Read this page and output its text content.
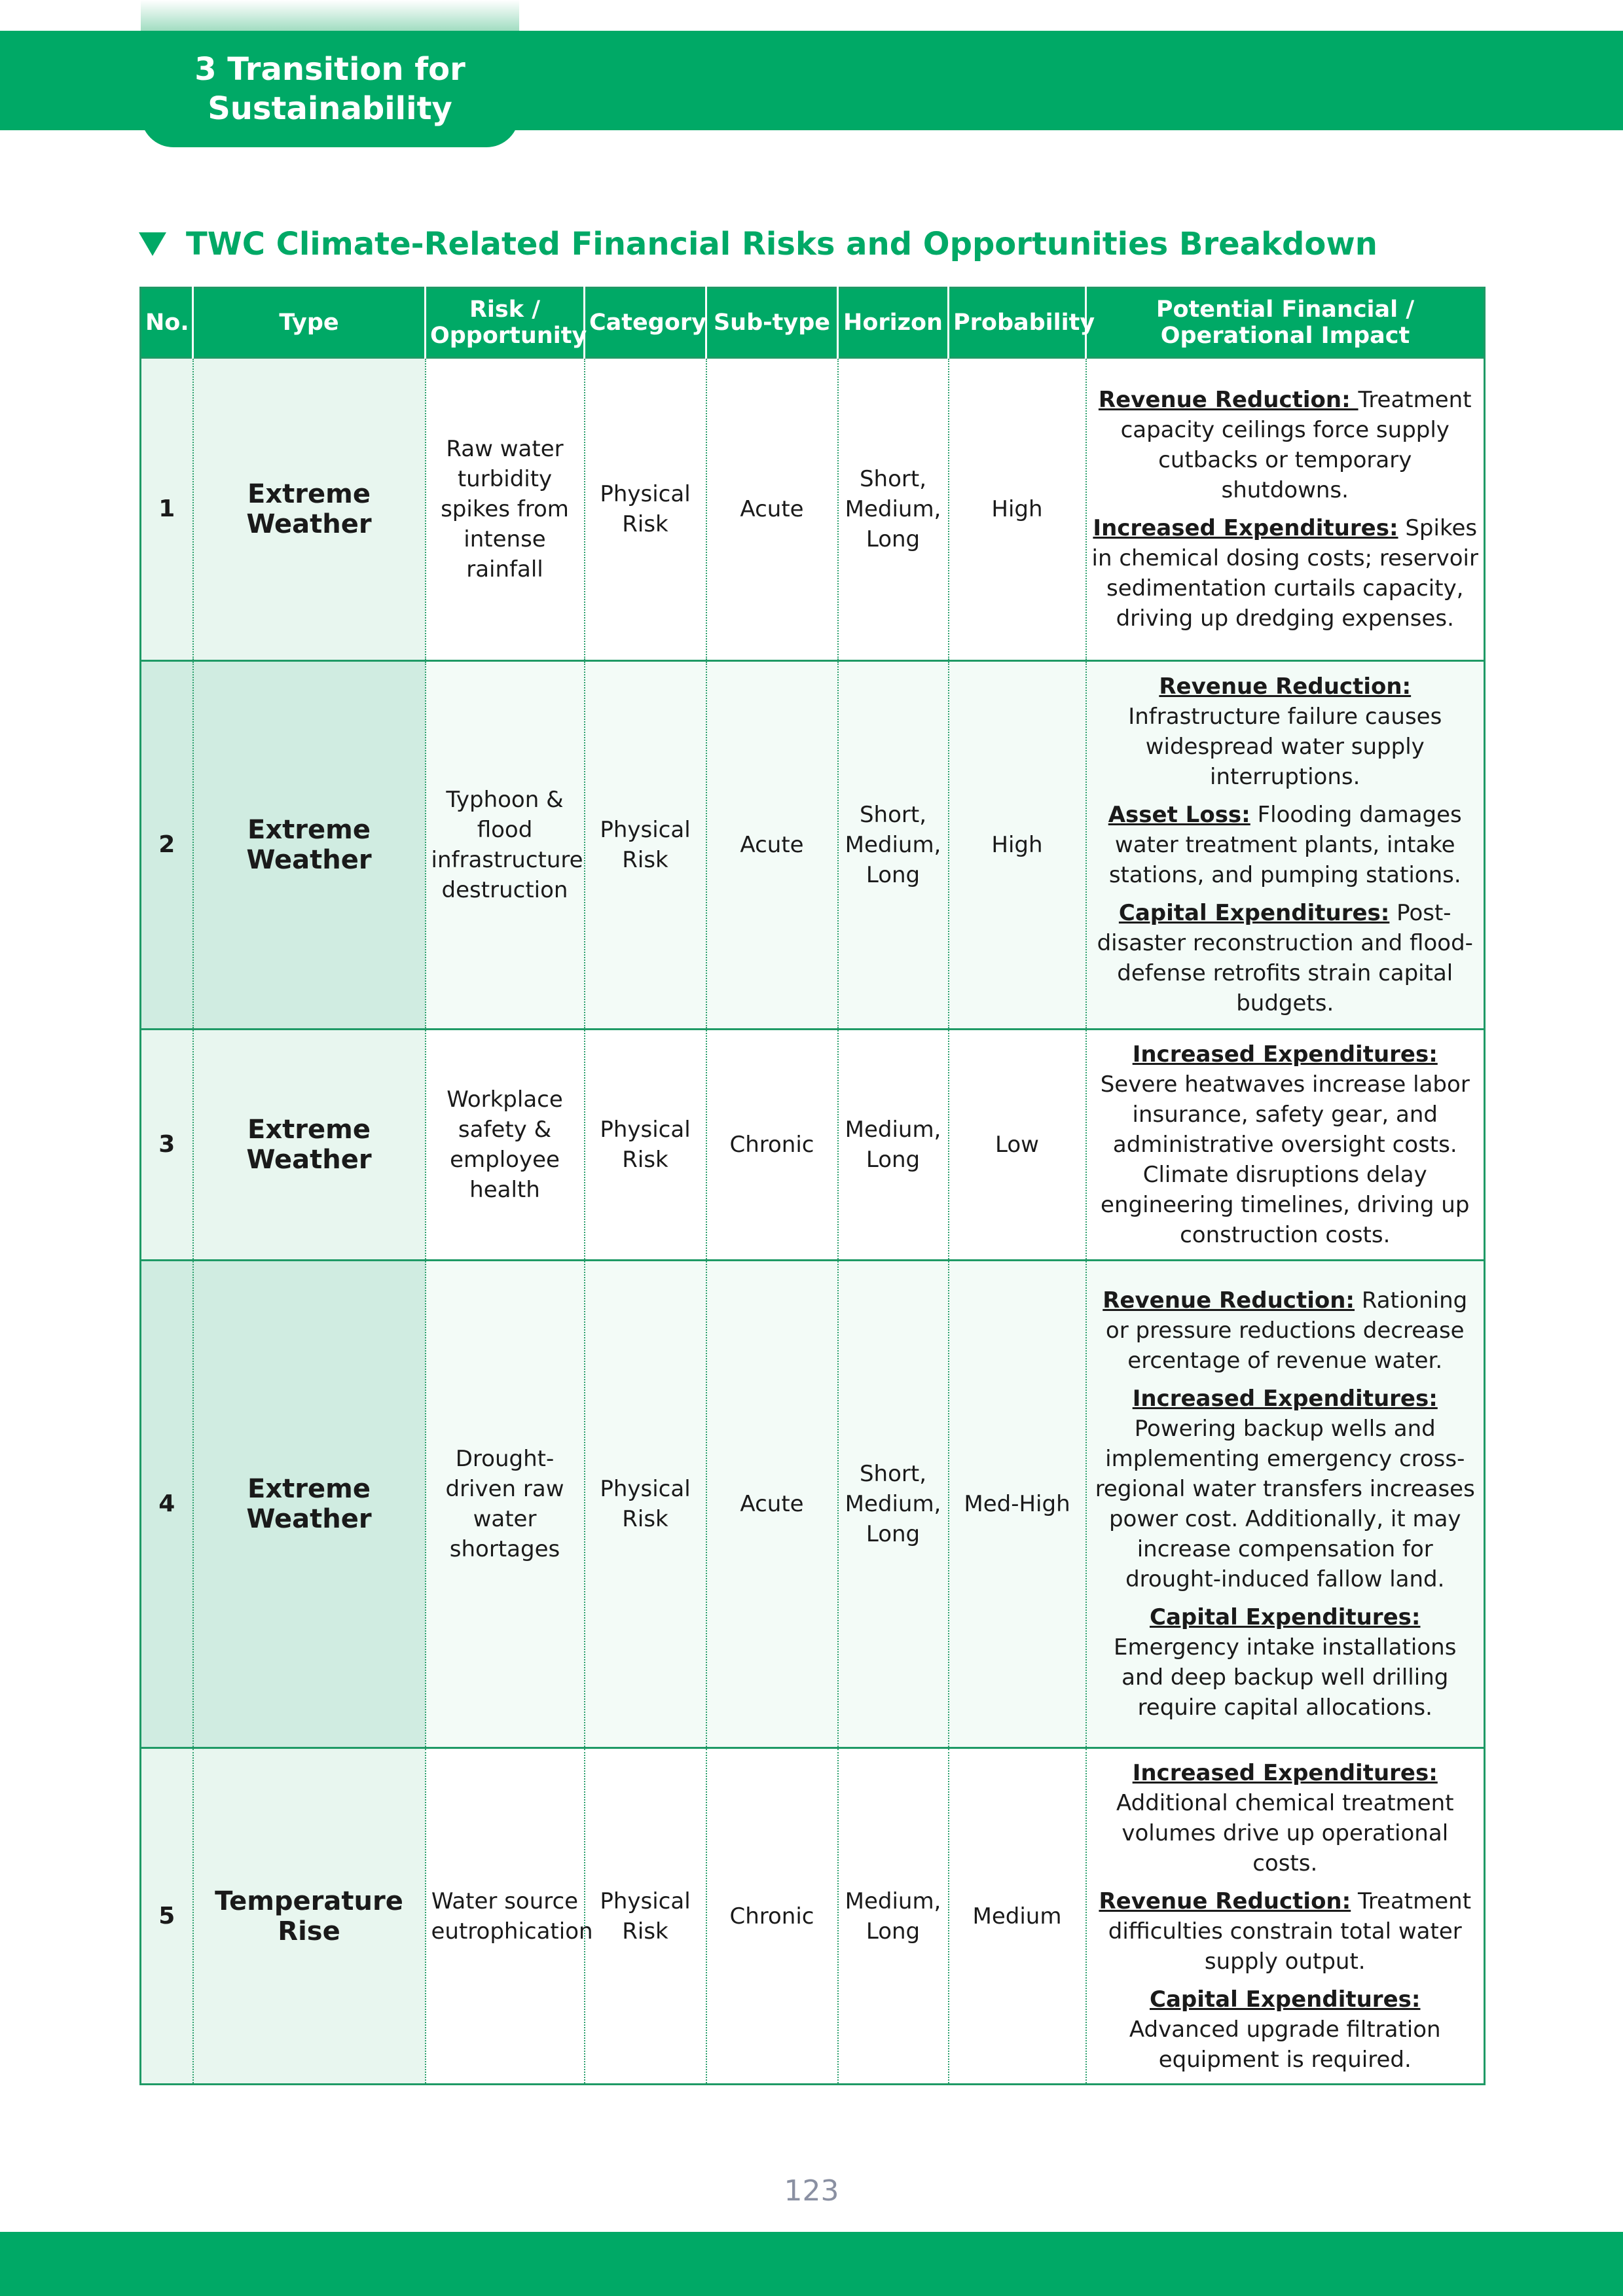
3 Transition for
Sustainability
TWC Climate-Related Financial Risks and Opportunities Breakdown
No.	Type	Risk / Opportunity	Category	Sub-type	Horizon	Probability	Potential Financial / Operational Impact
1	Extreme Weather	Raw water turbidity spikes from intense rainfall	Physical Risk	Acute	Short, Medium, Long	High	Revenue Reduction: Treatment capacity ceilings force supply cutbacks or temporary shutdowns.
Increased Expenditures: Spikes in chemical dosing costs; reservoir sedimentation curtails capacity, driving up dredging expenses.

2	Extreme Weather	Typhoon & flood infrastructure destruction	Physical Risk	Acute	Short, Medium, Long	High	Revenue Reduction: Infrastructure failure causes widespread water supply interruptions.
Asset Loss: Flooding damages water treatment plants, intake stations, and pumping stations.
Capital Expenditures: Post-disaster reconstruction and flood-defense retrofits strain capital budgets.

3	Extreme Weather	Workplace safety & employee health	Physical Risk	Chronic	Medium, Long	Low	Increased Expenditures: Severe heatwaves increase labor insurance, safety gear, and administrative oversight costs. Climate disruptions delay engineering timelines, driving up construction costs.

4	Extreme Weather	Drought-driven raw water shortages	Physical Risk	Acute	Short, Medium, Long	Med-High	Revenue Reduction: Rationing or pressure reductions decrease ercentage of revenue water.
Increased Expenditures: Powering backup wells and implementing emergency cross-regional water transfers increases power cost. Additionally, it may increase compensation for drought-induced fallow land.
Capital Expenditures: Emergency intake installations and deep backup well drilling require capital allocations.

5	Temperature Rise	Water source eutrophication	Physical Risk	Chronic	Medium, Long	Medium	Increased Expenditures: Additional chemical treatment volumes drive up operational costs.
Revenue Reduction: Treatment difficulties constrain total water supply output.
Capital Expenditures: Advanced upgrade filtration equipment is required.
123
